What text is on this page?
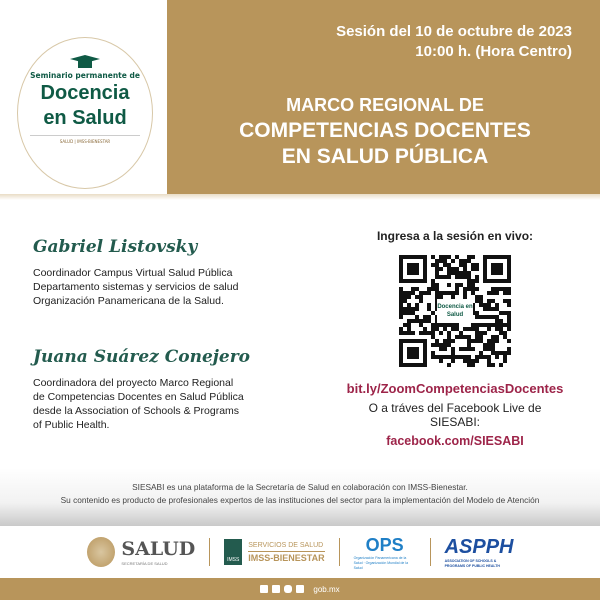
Seminario permanente de
Docencia
en Salud
SALUD | IMSS-BIENESTAR
Sesión del 10 de octubre de 2023
10:00 h. (Hora Centro)
MARCO REGIONAL DE
COMPETENCIAS DOCENTES
EN SALUD PÚBLICA
Gabriel Listovsky
Coordinador Campus Virtual Salud Pública
Departamento sistemas y servicios de salud
Organización Panamericana de la Salud.
Juana Suárez Conejero
Coordinadora del proyecto Marco Regional
de Competencias Docentes en Salud Pública
desde la Association of Schools & Programs
of Public Health.
Ingresa a la sesión en vivo:
Docencia en Salud
bit.ly/ZoomCompetenciasDocentes
O a tráves del Facebook Live de
SIESABI:
facebook.com/SIESABI
SIESABI es una plataforma de la Secretaría de Salud en colaboración con IMSS-Bienestar.
Su contenido es producto de profesionales expertos de las instituciones del sector para la implementación del Modelo de Atención
SALUD
SECRETARÍA DE SALUD	IMSS
SERVICIOS DE SALUD
IMSS-BIENESTAR
OPS
Organización Panamericana de la Salud · Organización Mundial de la Salud
ASPPH
ASSOCIATION OF SCHOOLS & PROGRAMS OF PUBLIC HEALTH
gob.mx
